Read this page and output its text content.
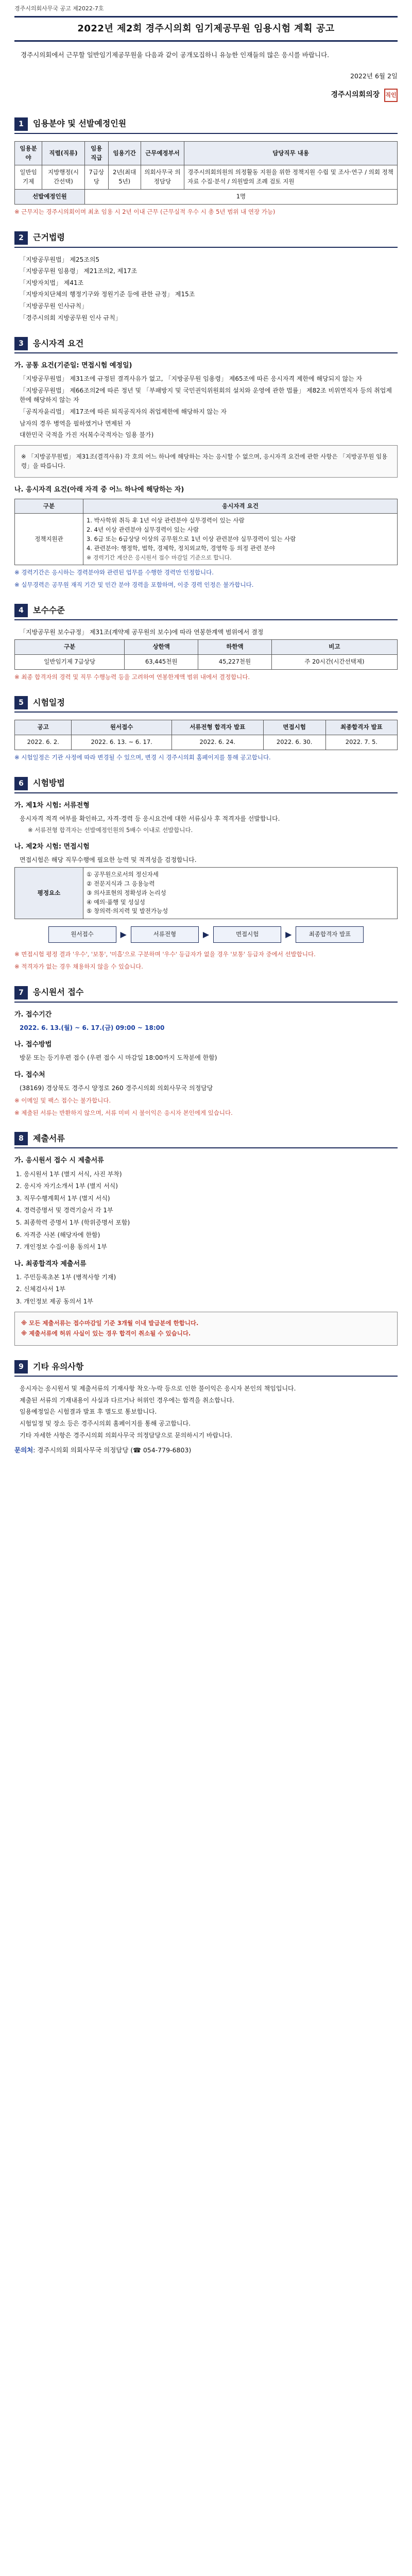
경주시의회사무국 공고 제2022-7호
2022년 제2회 경주시의회 임기제공무원 임용시험 계획 공고

경주시의회에서 근무할 일반임기제공무원을 다음과 같이 공개모집하니 유능한 인재들의 많은 응시를 바랍니다.

2022년 6월 2일
경주시의회의장 직인
1	임용분야 및 선발예정인원
임용분야	직렬(직류)	임용직급	임용기간	근무예정부서	담당직무 내용
일반임기제	지방행정(시간선택)	7급상당	2년(최대5년)	의회사무국 의정담당	경주시의회의원의 의정활동 지원을 위한 정책지원 수립 및 조사·연구 / 의회 정책자료 수집·분석 / 의원발의 조례 검토 지원
선발예정인원		1명			

※ 근무지는 경주시의회이며 최초 임용 시 2년 이내 근무 (근무실적 우수 시 총 5년 범위 내 연장 가능)

2	근거법령
「지방공무원법」 제25조의5
「지방공무원 임용령」 제21조의2, 제17조
「지방자치법」 제41조
「지방자치단체의 행정기구와 정원기준 등에 관한 규정」 제15조
「지방공무원 인사규칙」
「경주시의회 지방공무원 인사 규칙」
3	응시자격 요건
가. 공통 요건(기준일: 면접시험 예정일)
「지방공무원법」 제31조에 규정된 결격사유가 없고, 「지방공무원 임용령」 제65조에 따른 응시자격 제한에 해당되지 않는 자
「지방공무원법」 제66조의2에 따른 정년 및 「부패방지 및 국민권익위원회의 설치와 운영에 관한 법률」 제82조 비위면직자 등의 취업제한에 해당하지 않는 자
「공직자윤리법」 제17조에 따른 퇴직공직자의 취업제한에 해당하지 않는 자
남자의 경우 병역을 필하였거나 면제된 자
대한민국 국적을 가진 자(복수국적자는 임용 불가)

※ 「지방공무원법」 제31조(결격사유) 각 호의 어느 하나에 해당하는 자는 응시할 수 없으며, 응시자격 요건에 관한 사항은 「지방공무원 임용령」을 따릅니다.

나. 응시자격 요건(아래 자격 중 어느 하나에 해당하는 자)
구분	응시자격 요건
정책지원관	1. 박사학위 취득 후 1년 이상 관련분야 실무경력이 있는 사람
2. 4년 이상 관련분야 실무경력이 있는 사람
3. 6급 또는 6급상당 이상의 공무원으로 1년 이상 관련분야 실무경력이 있는 사람
4. 관련분야: 행정학, 법학, 경제학, 정치외교학, 경영학 등 의정 관련 분야
※ 경력기간 계산은 응시원서 접수 마감일 기준으로 합니다.

※ 경력기간은 응시하는 경력분야와 관련된 업무를 수행한 경력만 인정합니다.

※ 실무경력은 공무원 재직 기간 및 민간 분야 경력을 포함하며, 이중 경력 인정은 불가합니다.

4	보수수준
「지방공무원 보수규정」 제31조(계약제 공무원의 보수)에 따라 연봉한계액 범위에서 결정
구분	상한액	하한액	비고
일반임기제 7급상당	63,445천원	45,227천원	주 20시간(시간선택제)

※ 최종 합격자의 경력 및 직무 수행능력 등을 고려하여 연봉한계액 범위 내에서 결정합니다.

5	시험일정
공고	원서접수	서류전형 합격자 발표	면접시험	최종합격자 발표
2022. 6. 2.	2022. 6. 13. ~ 6. 17.	2022. 6. 24.	2022. 6. 30.	2022. 7. 5.

※ 시험일정은 기관 사정에 따라 변경될 수 있으며, 변경 시 경주시의회 홈페이지를 통해 공고합니다.

6	시험방법
가. 제1차 시험: 서류전형
응시자격 적격 여부를 확인하고, 자격·경력 등 응시요건에 대한 서류심사 후 적격자를 선발합니다.
※ 서류전형 합격자는 선발예정인원의 5배수 이내로 선발합니다.
나. 제2차 시험: 면접시험
면접시험은 해당 직무수행에 필요한 능력 및 적격성을 검정합니다.
평정요소	
① 공무원으로서의 정신자세
② 전문지식과 그 응용능력
③ 의사표현의 정확성과 논리성
④ 예의·품행 및 성실성
⑤ 창의력·의지력 및 발전가능성
원서접수	▶	서류전형	▶	면접시험	▶	최종합격자 발표

※ 면접시험 평정 결과 '우수', '보통', '미흡'으로 구분하며 '우수' 등급자가 없을 경우 '보통' 등급자 중에서 선발합니다.

※ 적격자가 없는 경우 채용하지 않을 수 있습니다.

7	응시원서 접수
가. 접수기간
2022. 6. 13.(월) ~ 6. 17.(금) 09:00 ~ 18:00
나. 접수방법
방문 또는 등기우편 접수 (우편 접수 시 마감일 18:00까지 도착분에 한함)
다. 접수처
(38169) 경상북도 경주시 양정로 260 경주시의회 의회사무국 의정담당

※ 이메일 및 팩스 접수는 불가합니다.

※ 제출된 서류는 반환하지 않으며, 서류 미비 시 불이익은 응시자 본인에게 있습니다.

8	제출서류
가. 응시원서 접수 시 제출서류
1. 응시원서 1부 (별지 서식, 사진 부착)
2. 응시자 자기소개서 1부 (별지 서식)
3. 직무수행계획서 1부 (별지 서식)
4. 경력증명서 및 경력기술서 각 1부
5. 최종학력 증명서 1부 (학위증명서 포함)
6. 자격증 사본 (해당자에 한함)
7. 개인정보 수집·이용 동의서 1부
나. 최종합격자 제출서류
1. 주민등록초본 1부 (병적사항 기재)
2. 신체검사서 1부
3. 개인정보 제공 동의서 1부

※ 모든 제출서류는 접수마감일 기준 3개월 이내 발급분에 한합니다.

※ 제출서류에 허위 사실이 있는 경우 합격이 취소될 수 있습니다.

9	기타 유의사항
응시자는 응시원서 및 제출서류의 기재사항 착오·누락 등으로 인한 불이익은 응시자 본인의 책임입니다.
제출된 서류의 기재내용이 사실과 다르거나 허위인 경우에는 합격을 취소합니다.
임용예정일은 시험결과 발표 후 별도로 통보합니다.
시험일정 및 장소 등은 경주시의회 홈페이지를 통해 공고합니다.
기타 자세한 사항은 경주시의회 의회사무국 의정담당으로 문의하시기 바랍니다.
문의처: 경주시의회 의회사무국 의정담당 (☎ 054-779-6803)
